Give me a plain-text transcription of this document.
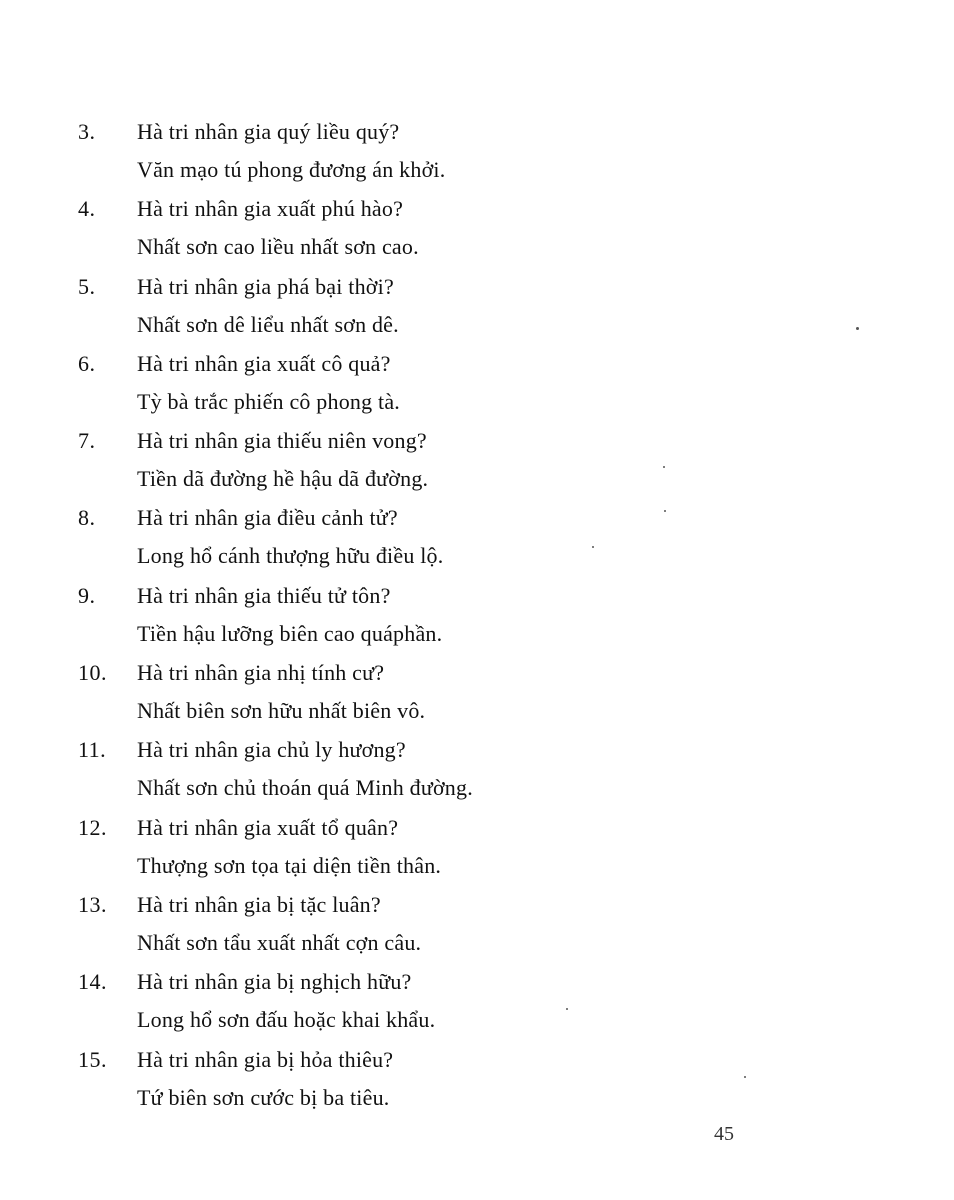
3.	Hà tri nhân gia quý liều quý?
Văn mạo tú phong đương án khởi.
4.	Hà tri nhân gia xuất phú hào?
Nhất sơn cao liều nhất sơn cao.
5.	Hà tri nhân gia phá bại thời?
Nhất sơn dê liểu nhất sơn dê.
6.	Hà tri nhân gia xuất cô quả?
Tỳ bà trắc phiến cô phong tà.
7.	Hà tri nhân gia thiếu niên vong?
Tiền dã đường hề hậu dã đường.
8.	Hà tri nhân gia điều cảnh tử?
Long hổ cánh thượng hữu điều lộ.
9.	Hà tri nhân gia thiếu tử tôn?
Tiền hậu lưỡng biên cao quáphần.
10.	Hà tri nhân gia nhị tính cư?
Nhất biên sơn hữu nhất biên vô.
11.	Hà tri nhân gia chủ ly hương?
Nhất sơn chủ thoán quá Minh đường.
12.	Hà tri nhân gia xuất tổ quân?
Thượng sơn tọa tại diện tiền thân.
13.	Hà tri nhân gia bị tặc luân?
Nhất sơn tẩu xuất nhất cợn câu.
14.	Hà tri nhân gia bị nghịch hữu?
Long hổ sơn đấu hoặc khai khẩu.
15.	Hà tri nhân gia bị hỏa thiêu?
Tứ biên sơn cước bị ba tiêu.
45
